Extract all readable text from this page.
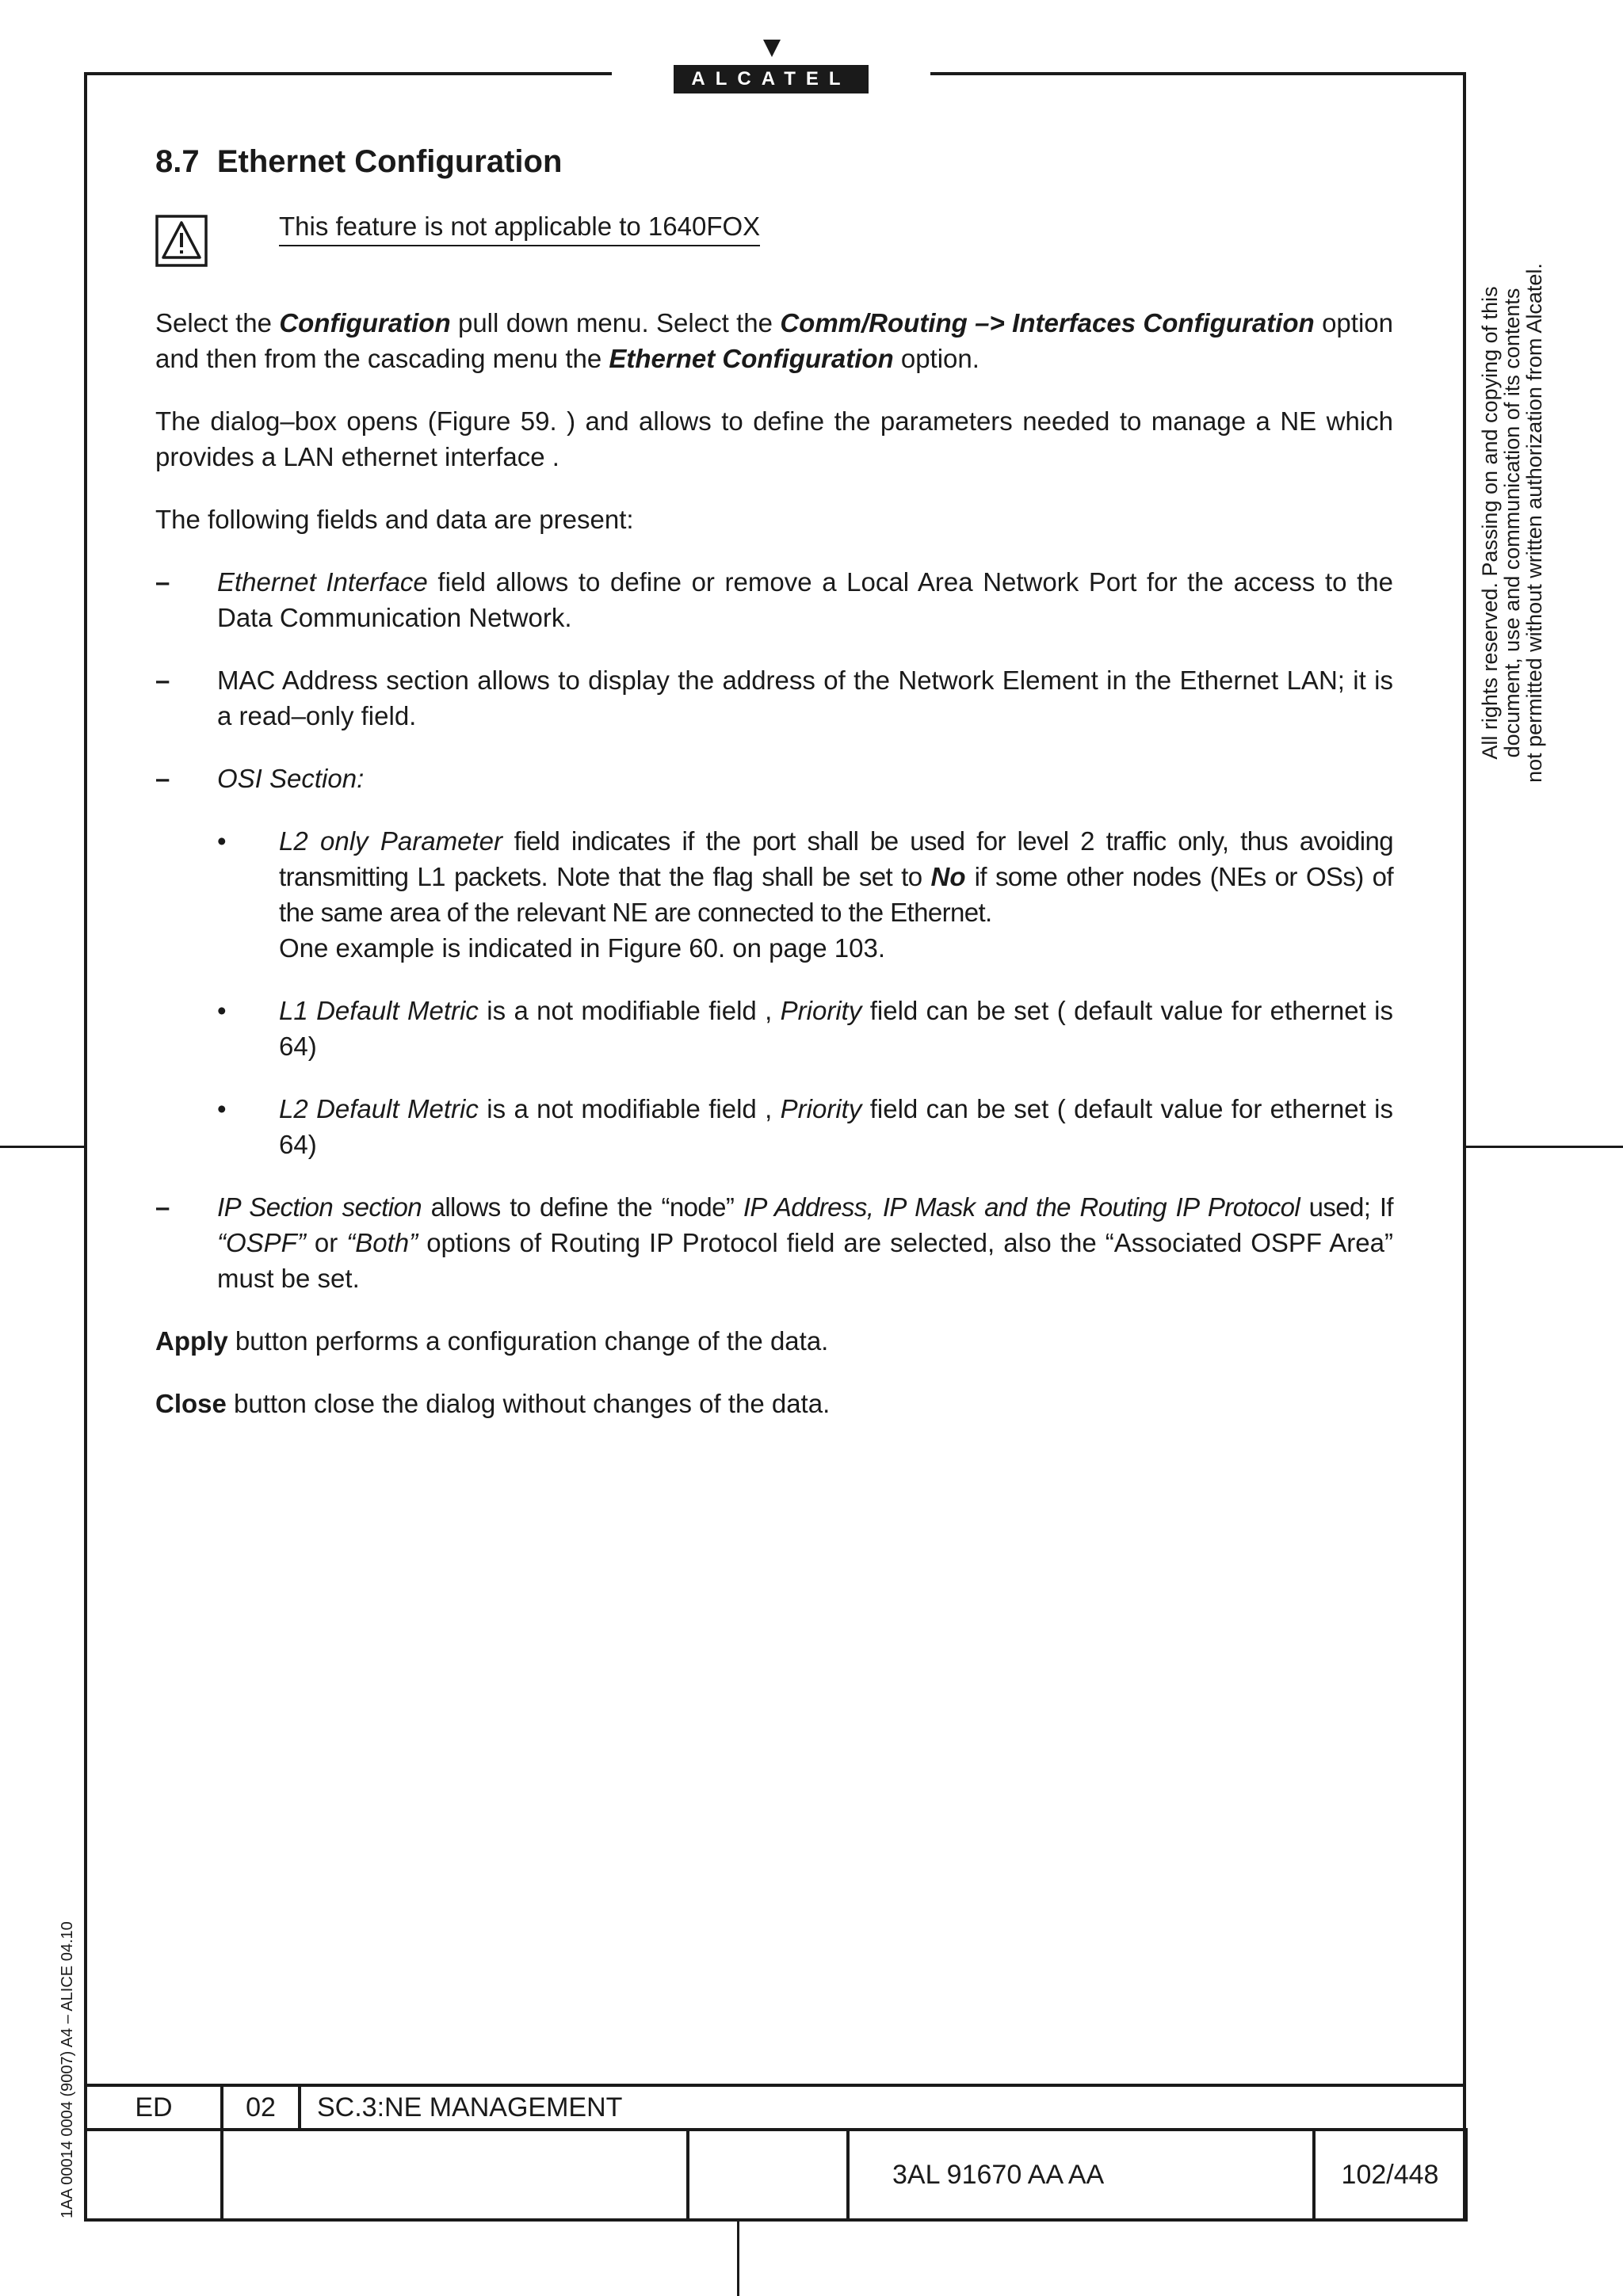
ALCATEL
All rights reserved. Passing on and copying of this
document, use and communication of its contents
not permitted without written authorization from Alcatel.
1AA 00014 0004 (9007) A4 – ALICE 04.10
8.7 Ethernet Configuration
This feature is not applicable to 1640FOX

Select the Configuration pull down menu. Select the Comm/Routing –> Interfaces Configuration option and then from the cascading menu the Ethernet Configuration option.

The dialog–box opens (Figure 59. ) and allows to define the parameters needed to manage a NE which provides a LAN ethernet interface .

The following fields and data are present:

– Ethernet Interface field allows to define or remove a Local Area Network Port for the access to the Data Communication Network.
– MAC Address section allows to display the address of the Network Element in the Ethernet LAN; it is a read–only field.
– OSI Section:
• L2 only Parameter field indicates if the port shall be used for level 2 traffic only, thus avoiding transmitting L1 packets. Note that the flag shall be set to No if some other nodes (NEs or OSs) of the same area of the relevant NE are connected to the Ethernet.
One example is indicated in Figure 60. on page 103.
• L1 Default Metric is a not modifiable field , Priority field can be set ( default value for ethernet is 64)
• L2 Default Metric is a not modifiable field , Priority field can be set ( default value for ethernet is 64)
– IP Section section allows to define the “node” IP Address, IP Mask and the Routing IP Protocol used; If “OSPF” or “Both” options of Routing IP Protocol field are selected, also the “Associated OSPF Area” must be set.

Apply button performs a configuration change of the data.

Close button close the dialog without changes of the data.

ED	02	SC.3:NE MANAGEMENT			
				3AL 91670 AA AA	102/448
